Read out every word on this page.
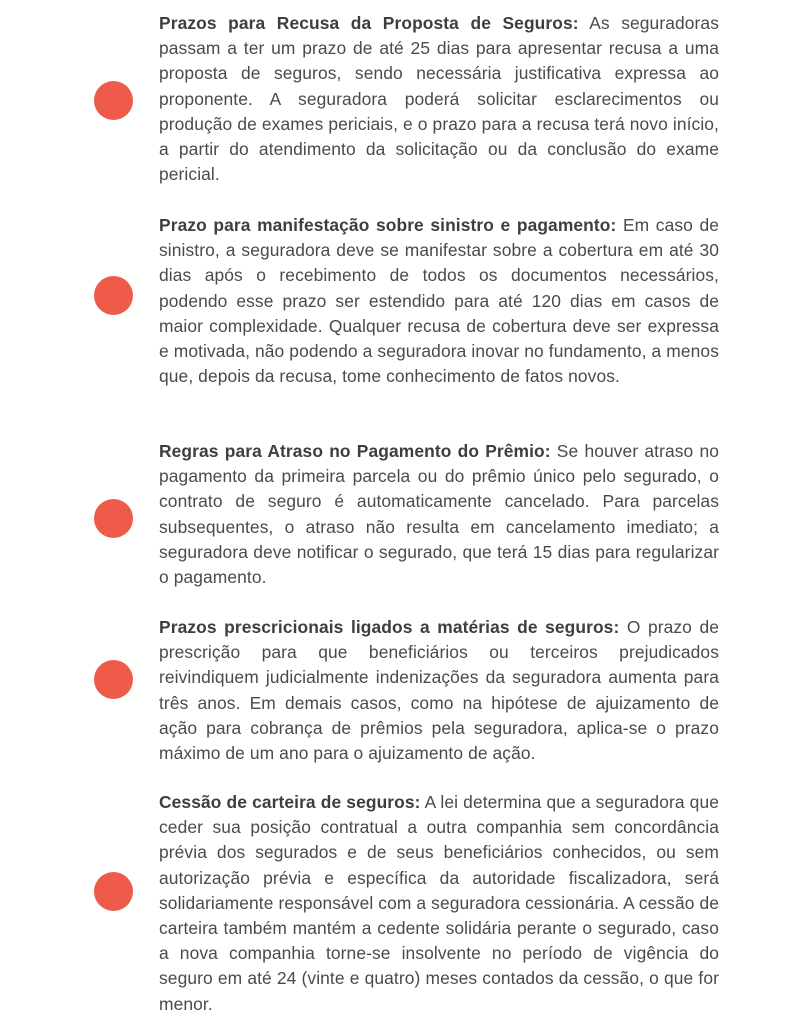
Prazos para Recusa da Proposta de Seguros: As seguradoras passam a ter um prazo de até 25 dias para apresentar recusa a uma proposta de seguros, sendo necessária justificativa expressa ao proponente. A seguradora poderá solicitar esclarecimentos ou produção de exames periciais, e o prazo para a recusa terá novo início, a partir do atendimento da solicitação ou da conclusão do exame pericial.
Prazo para manifestação sobre sinistro e pagamento: Em caso de sinistro, a seguradora deve se manifestar sobre a cobertura em até 30 dias após o recebimento de todos os documentos necessários, podendo esse prazo ser estendido para até 120 dias em casos de maior complexidade. Qualquer recusa de cobertura deve ser expressa e motivada, não podendo a seguradora inovar no fundamento, a menos que, depois da recusa, tome conhecimento de fatos novos.
Regras para Atraso no Pagamento do Prêmio: Se houver atraso no pagamento da primeira parcela ou do prêmio único pelo segurado, o contrato de seguro é automaticamente cancelado. Para parcelas subsequentes, o atraso não resulta em cancelamento imediato; a seguradora deve notificar o segurado, que terá 15 dias para regularizar o pagamento.
Prazos prescricionais ligados a matérias de seguros: O prazo de prescrição para que beneficiários ou terceiros prejudicados reivindiquem judicialmente indenizações da seguradora aumenta para três anos. Em demais casos, como na hipótese de ajuizamento de ação para cobrança de prêmios pela seguradora, aplica-se o prazo máximo de um ano para o ajuizamento de ação.
Cessão de carteira de seguros: A lei determina que a seguradora que ceder sua posição contratual a outra companhia sem concordância prévia dos segurados e de seus beneficiários conhecidos, ou sem autorização prévia e específica da autoridade fiscalizadora, será solidariamente responsável com a seguradora cessionária. A cessão de carteira também mantém a cedente solidária perante o segurado, caso a nova companhia torne-se insolvente no período de vigência do seguro em até 24 (vinte e quatro) meses contados da cessão, o que for menor.
